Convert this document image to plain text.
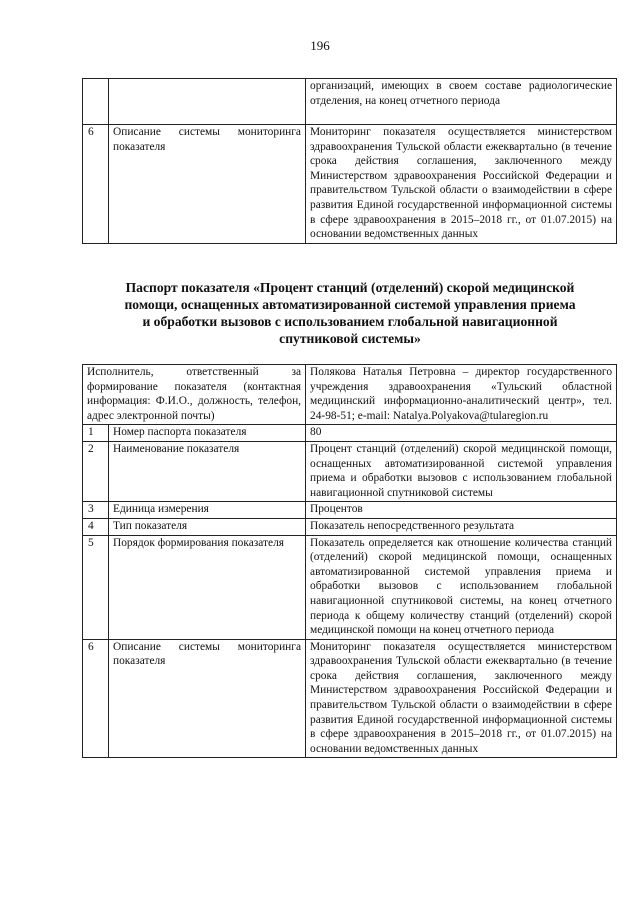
196
		организаций, имеющих в своем составе радиологические отделения, на конец отчетного периода
6	Описание системы мониторинга показателя	Мониторинг показателя осуществляется министерством здравоохранения Тульской области ежеквартально (в течение срока действия соглашения, заключенного между Министерством здравоохранения Российской Федерации и правительством Тульской области о взаимодействии в сфере развития Единой государственной информационной системы в сфере здравоохранения в 2015–2018 гг., от 01.07.2015) на основании ведомственных данных
Паспорт показателя «Процент станций (отделений) скорой медицинской
помощи, оснащенных автоматизированной системой управления приема
и обработки вызовов с использованием глобальной навигационной
спутниковой системы»
Исполнитель, ответственный за формирование показателя (контактная информация: Ф.И.О., должность, телефон, адрес электронной почты)		Полякова Наталья Петровна – директор государственного учреждения здравоохранения «Тульский областной медицинский информационно-аналитический центр», тел. 24-98-51; e-mail: Natalya.Polyakova@tularegion.ru
1	Номер паспорта показателя	80
2	Наименование показателя	Процент станций (отделений) скорой медицинской помощи, оснащенных автоматизированной системой управления приема и обработки вызовов с использованием глобальной навигационной спутниковой системы
3	Единица измерения	Процентов
4	Тип показателя	Показатель непосредственного результата
5	Порядок формирования показателя	Показатель определяется как отношение количества станций (отделений) скорой медицинской помощи, оснащенных автоматизированной системой управления приема и обработки вызовов с использованием глобальной навигационной спутниковой системы, на конец отчетного периода к общему количеству станций (отделений) скорой медицинской помощи на конец отчетного периода
6	Описание системы мониторинга показателя	Мониторинг показателя осуществляется министерством здравоохранения Тульской области ежеквартально (в течение срока действия соглашения, заключенного между Министерством здравоохранения Российской Федерации и правительством Тульской области о взаимодействии в сфере развития Единой государственной информационной системы в сфере здравоохранения в 2015–2018 гг., от 01.07.2015) на основании ведомственных данных
